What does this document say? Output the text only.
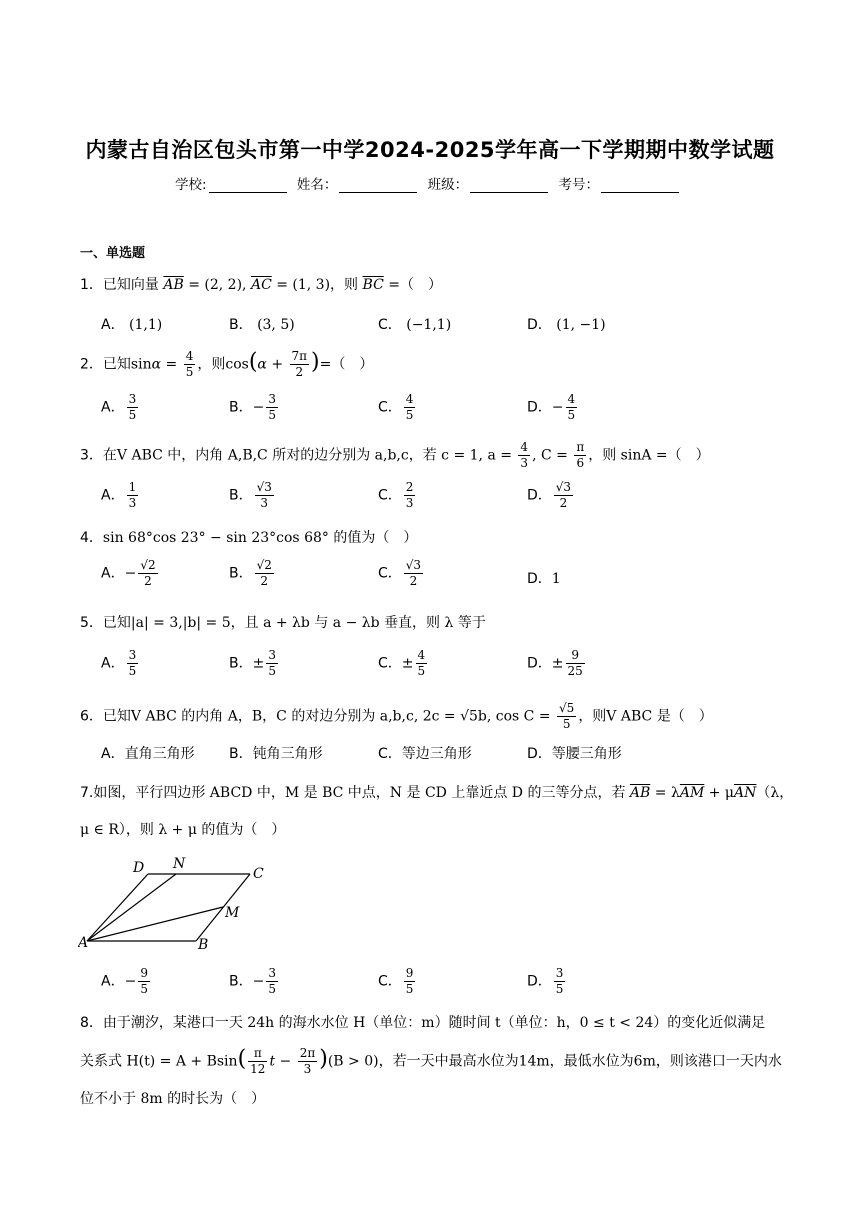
内蒙古自治区包头市第一中学2024-2025学年高一下学期期中数学试题
学校:	姓名：	班级：	考号：
一、单选题
1．已知向量 $\overline{AB} = (2$, 2), $\overline{AC} = (1$, 3)，则 $\overline{BC}$ =（　）
A． (1,1)	B． (3, 5)	C． (−1,1)	D． (1, −1)
2．已知$\sin\alpha = \frac{4}{5}$ ，则$\cos(\alpha + \frac{7\pi}{2}$ )=（　）
A． $\frac{3}{5}$	B．− $\frac{3}{5}$	C． $\frac{4}{5}$	D．− $\frac{4}{5}$
3．在V ABC 中，内角 A,B,C 所对的边分别为 a,b,c，若 c = 1, $a = \frac{4}{3}$ , $C = \frac{\pi}{6}$ ，则 sinA =（　）
A． $\frac{1}{3}$	B． $\frac{√3}{3}$	C． $\frac{2}{3}$	D． $\frac{√3}{2}$
4．sin 68°cos 23° − sin 23°cos 68° 的值为（　）
A．− $\frac{√2}{2}$	B． $\frac{√2}{2}$	C． $\frac{√3}{2}$	D．1
5．已知|a| = 3,|b| = 5，且 a + λb 与 a − λb 垂直，则 λ 等于
A． $\frac{3}{5}$	B．± $\frac{3}{5}$	C．± $\frac{4}{5}$	D．± $\frac{9}{25}$
6．已知V ABC 的内角 A，B，C 的对边分别为 a,b,c, 2c = √5b, $\cos C = \frac{√5}{5}$ ，则V ABC 是（　）
A．直角三角形 B．钝角三角形	C．等边三角形	D．等腰三角形
7.如图，平行四边形 ABCD 中，M 是 BC 中点，N 是 CD 上靠近点 D 的三等分点，若 $\overline{AB} = \lambda\overline{AM} + \mu\overline{AN}(\lambda$，
μ ∈ R），则 λ + μ 的值为（　）
D N
C
M
A	B
A．− $\frac{9}{5}$	B．− $\frac{3}{5}$	C． $\frac{9}{5}$	D． $\frac{3}{5}$
8．由于潮汐，某港口一天 24h 的海水水位 H（单位：m）随时间 t（单位：h，0 ≤ t < 24）的变化近似满足
关系式 $H(t) = A + Bsin( \frac{\pi}{12}$ $t - \frac{2\pi}{3} )(B > 0)$，若一天中最高水位为14m，最低水位为6m，则该港口一天内水
位不小于 8m 的时长为（　）
